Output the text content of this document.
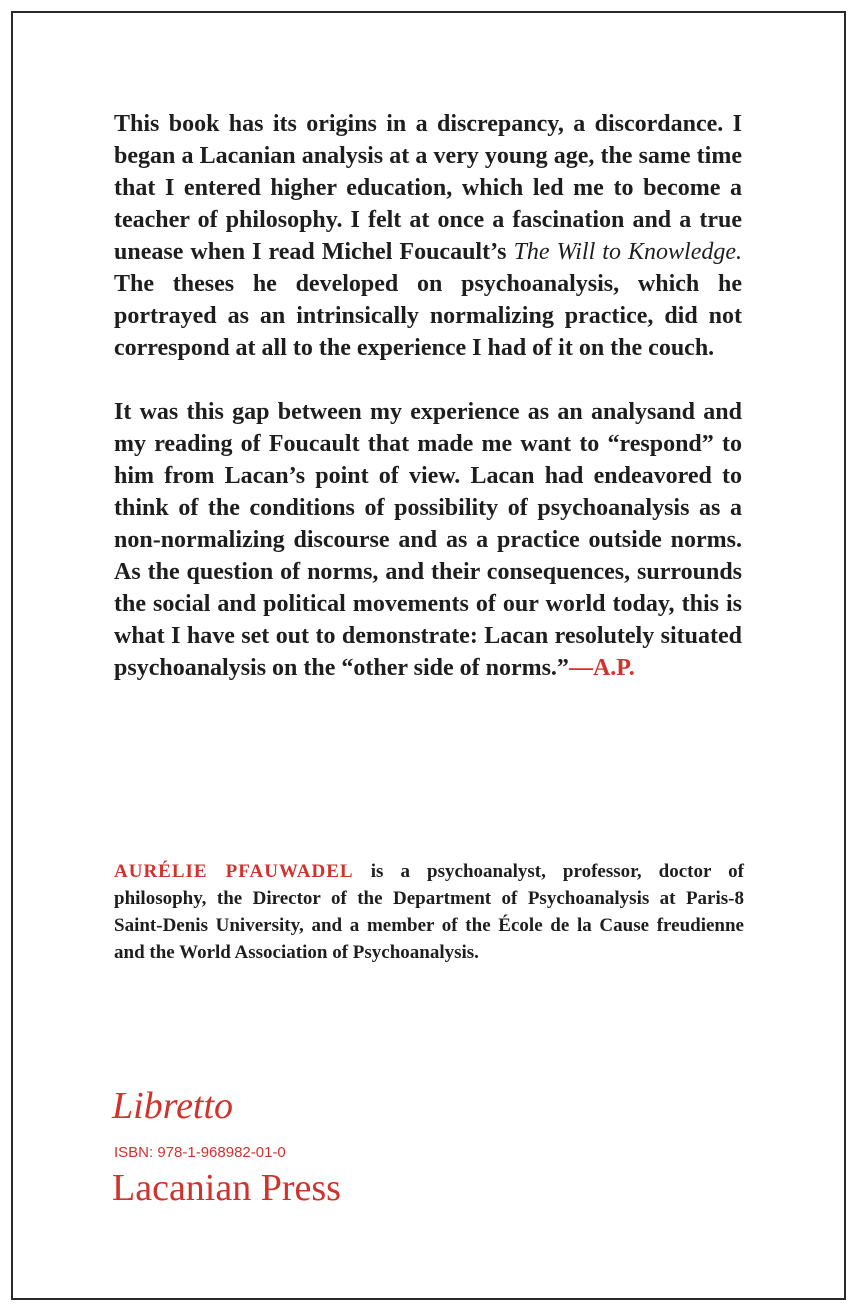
This book has its origins in a discrepancy, a discordance. I began a Lacanian analysis at a very young age, the same time that I entered higher education, which led me to become a teacher of philosophy. I felt at once a fascination and a true unease when I read Michel Foucault’s The Will to Knowledge. The theses he developed on psychoanalysis, which he portrayed as an intrinsically normalizing practice, did not correspond at all to the experience I had of it on the couch.

It was this gap between my experience as an analysand and my reading of Foucault that made me want to “respond” to him from Lacan’s point of view. Lacan had endeavored to think of the conditions of possibility of psychoanalysis as a non-normalizing discourse and as a practice outside norms. As the question of norms, and their consequences, surrounds the social and political movements of our world today, this is what I have set out to demonstrate: Lacan resolutely situated psychoanalysis on the “other side of norms.”—A.P.

AURÉLIE PFAUWADEL is a psychoanalyst, professor, doctor of philosophy, the Director of the Department of Psychoanalysis at Paris-8 Saint-Denis University, and a member of the École de la Cause freudienne and the World Association of Psychoanalysis.

Libretto
ISBN: 978-1-968982-01-0
Lacanian Press
